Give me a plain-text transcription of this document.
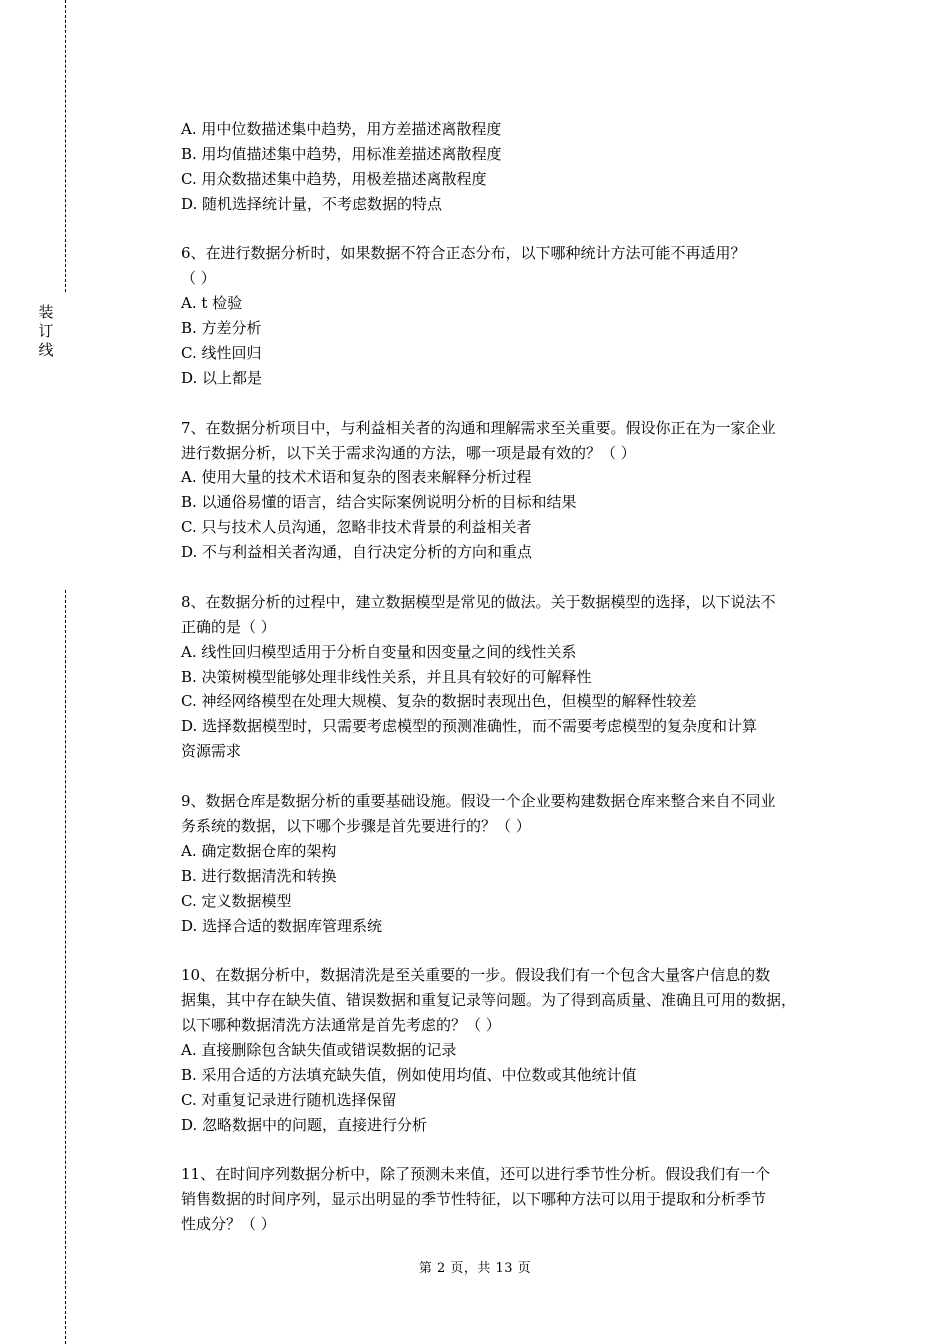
装
订
线
A. 用中位数描述集中趋势，用方差描述离散程度
B. 用均值描述集中趋势，用标准差描述离散程度
C. 用众数描述集中趋势，用极差描述离散程度
D. 随机选择统计量，不考虑数据的特点
6、在进行数据分析时，如果数据不符合正态分布，以下哪种统计方法可能不再适用？
（ ）
A. t 检验
B. 方差分析
C. 线性回归
D. 以上都是
7、在数据分析项目中，与利益相关者的沟通和理解需求至关重要。假设你正在为一家企业
进行数据分析，以下关于需求沟通的方法，哪一项是最有效的？（ ）
A. 使用大量的技术术语和复杂的图表来解释分析过程
B. 以通俗易懂的语言，结合实际案例说明分析的目标和结果
C. 只与技术人员沟通，忽略非技术背景的利益相关者
D. 不与利益相关者沟通，自行决定分析的方向和重点
8、在数据分析的过程中，建立数据模型是常见的做法。关于数据模型的选择，以下说法不
正确的是（ ）
A. 线性回归模型适用于分析自变量和因变量之间的线性关系
B. 决策树模型能够处理非线性关系，并且具有较好的可解释性
C. 神经网络模型在处理大规模、复杂的数据时表现出色，但模型的解释性较差
D. 选择数据模型时，只需要考虑模型的预测准确性，而不需要考虑模型的复杂度和计算
资源需求
9、数据仓库是数据分析的重要基础设施。假设一个企业要构建数据仓库来整合来自不同业
务系统的数据，以下哪个步骤是首先要进行的？（ ）
A. 确定数据仓库的架构
B. 进行数据清洗和转换
C. 定义数据模型
D. 选择合适的数据库管理系统
10、在数据分析中，数据清洗是至关重要的一步。假设我们有一个包含大量客户信息的数
据集，其中存在缺失值、错误数据和重复记录等问题。为了得到高质量、准确且可用的数据，
以下哪种数据清洗方法通常是首先考虑的？（ ）
A. 直接删除包含缺失值或错误数据的记录
B. 采用合适的方法填充缺失值，例如使用均值、中位数或其他统计值
C. 对重复记录进行随机选择保留
D. 忽略数据中的问题，直接进行分析
11、在时间序列数据分析中，除了预测未来值，还可以进行季节性分析。假设我们有一个
销售数据的时间序列，显示出明显的季节性特征，以下哪种方法可以用于提取和分析季节
性成分？（ ）
第 2 页，共 13 页
